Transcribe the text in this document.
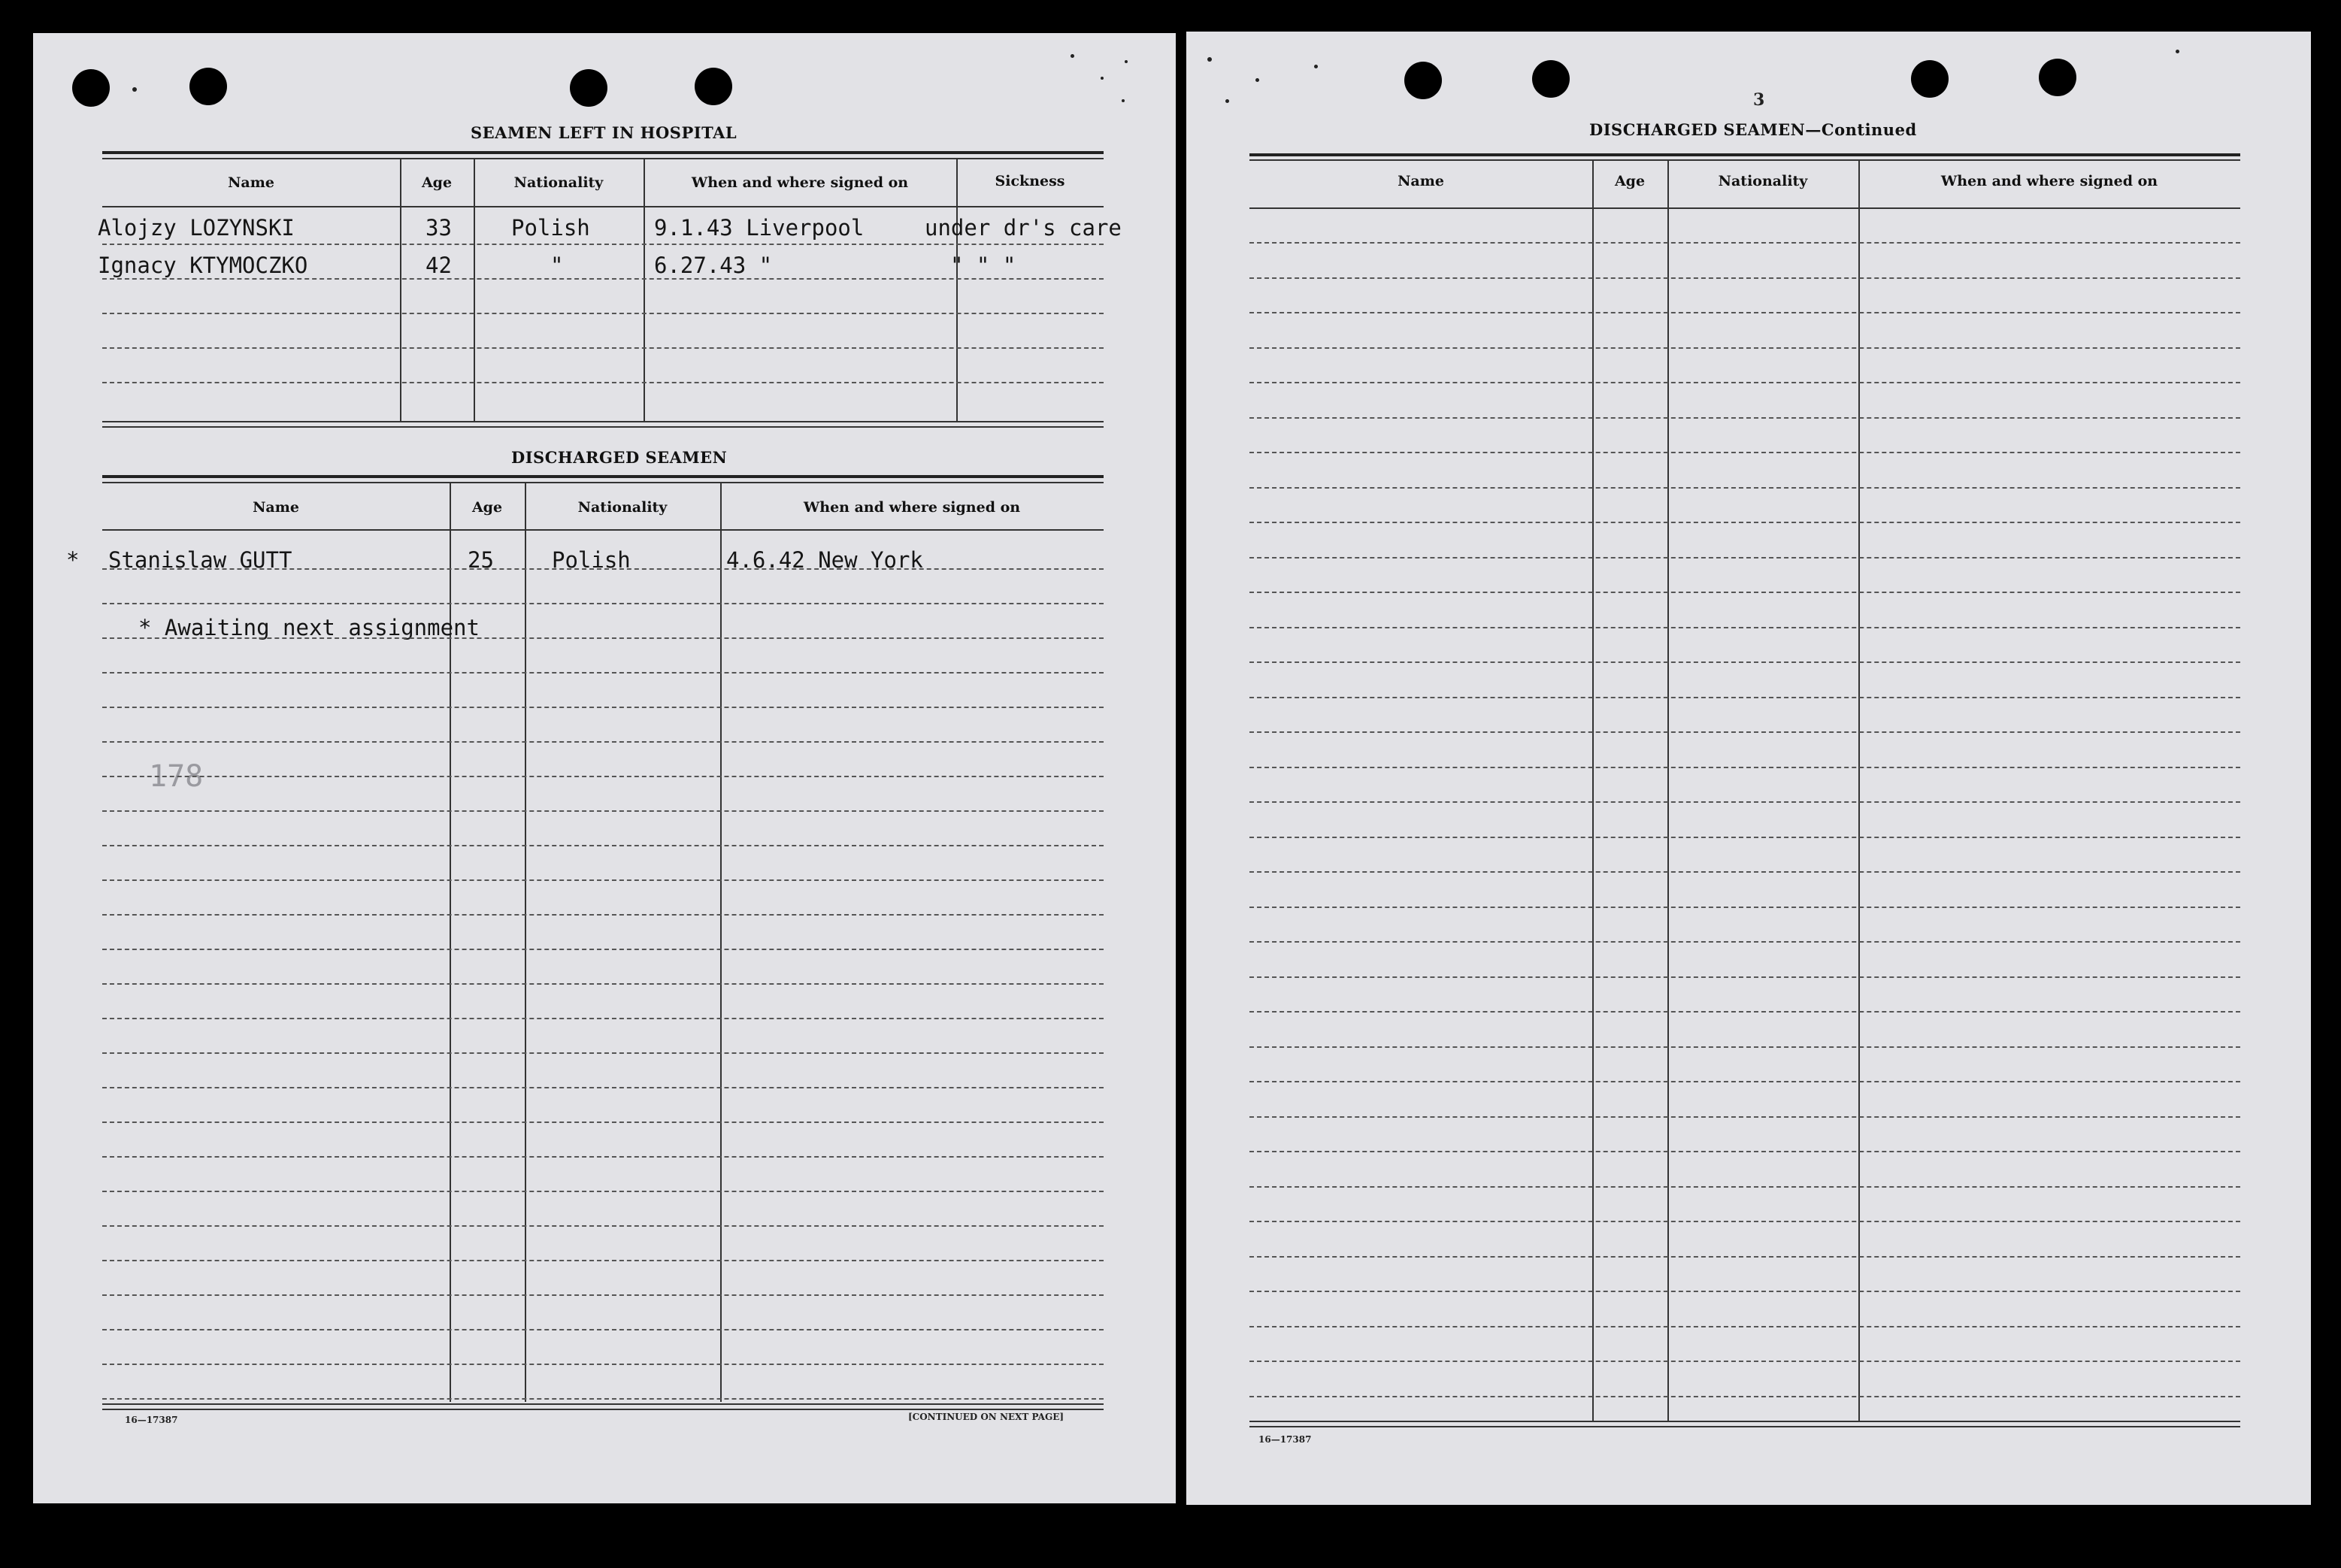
SEAMEN LEFT IN HOSPITAL
Name	Age	Nationality	When and where signed on	Sickness
Alojzy LOZYNSKI	33	Polish	9.1.43 Liverpool	under dr's care
Ignacy KTYMOCZKO	42	"	6.27.43 "	" " "
DISCHARGED SEAMEN
Name	Age	Nationality	When and where signed on
* Stanislaw GUTT	25	Polish	4.6.42 New York
* Awaiting next assignment
178
16—17387	[CONTINUED ON NEXT PAGE]
3
DISCHARGED SEAMEN—Continued
Name	Age	Nationality	When and where signed on
16—17387
